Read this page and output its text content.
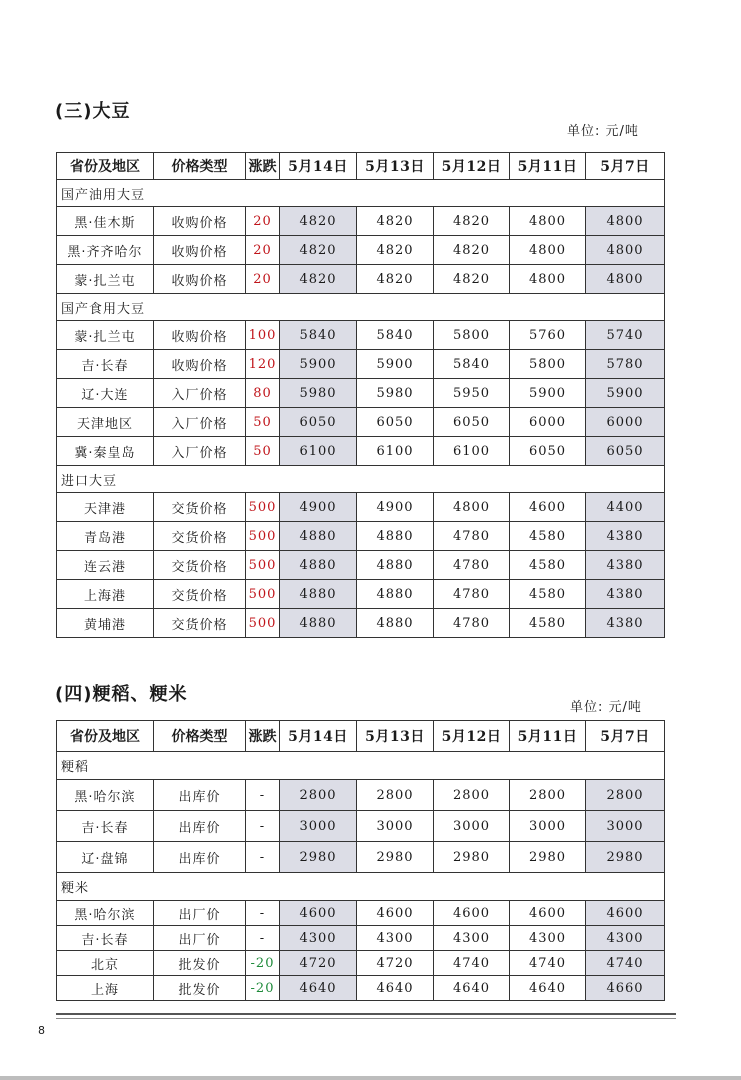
(三)大豆
单位: 元/吨
省份及地区	价格类型	涨跌	5月14日	5月13日	5月12日	5月11日	5月7日
国产油用大豆							
黑·佳木斯	收购价格	20	4820	4820	4820	4800	4800
黑·齐齐哈尔	收购价格	20	4820	4820	4820	4800	4800
蒙·扎兰屯	收购价格	20	4820	4820	4820	4800	4800
国产食用大豆							
蒙·扎兰屯	收购价格	100	5840	5840	5800	5760	5740
吉·长春	收购价格	120	5900	5900	5840	5800	5780
辽·大连	入厂价格	80	5980	5980	5950	5900	5900
天津地区	入厂价格	50	6050	6050	6050	6000	6000
冀·秦皇岛	入厂价格	50	6100	6100	6100	6050	6050
进口大豆							
天津港	交货价格	500	4900	4900	4800	4600	4400
青岛港	交货价格	500	4880	4880	4780	4580	4380
连云港	交货价格	500	4880	4880	4780	4580	4380
上海港	交货价格	500	4880	4880	4780	4580	4380
黄埔港	交货价格	500	4880	4880	4780	4580	4380
(四)粳稻、粳米
单位: 元/吨
省份及地区	价格类型	涨跌	5月14日	5月13日	5月12日	5月11日	5月7日
粳稻							
黑·哈尔滨	出库价	-	2800	2800	2800	2800	2800
吉·长春	出库价	-	3000	3000	3000	3000	3000
辽·盘锦	出库价	-	2980	2980	2980	2980	2980
粳米							
黑·哈尔滨	出厂价	-	4600	4600	4600	4600	4600
吉·长春	出厂价	-	4300	4300	4300	4300	4300
北京	批发价	-20	4720	4720	4740	4740	4740
上海	批发价	-20	4640	4640	4640	4640	4660
8
